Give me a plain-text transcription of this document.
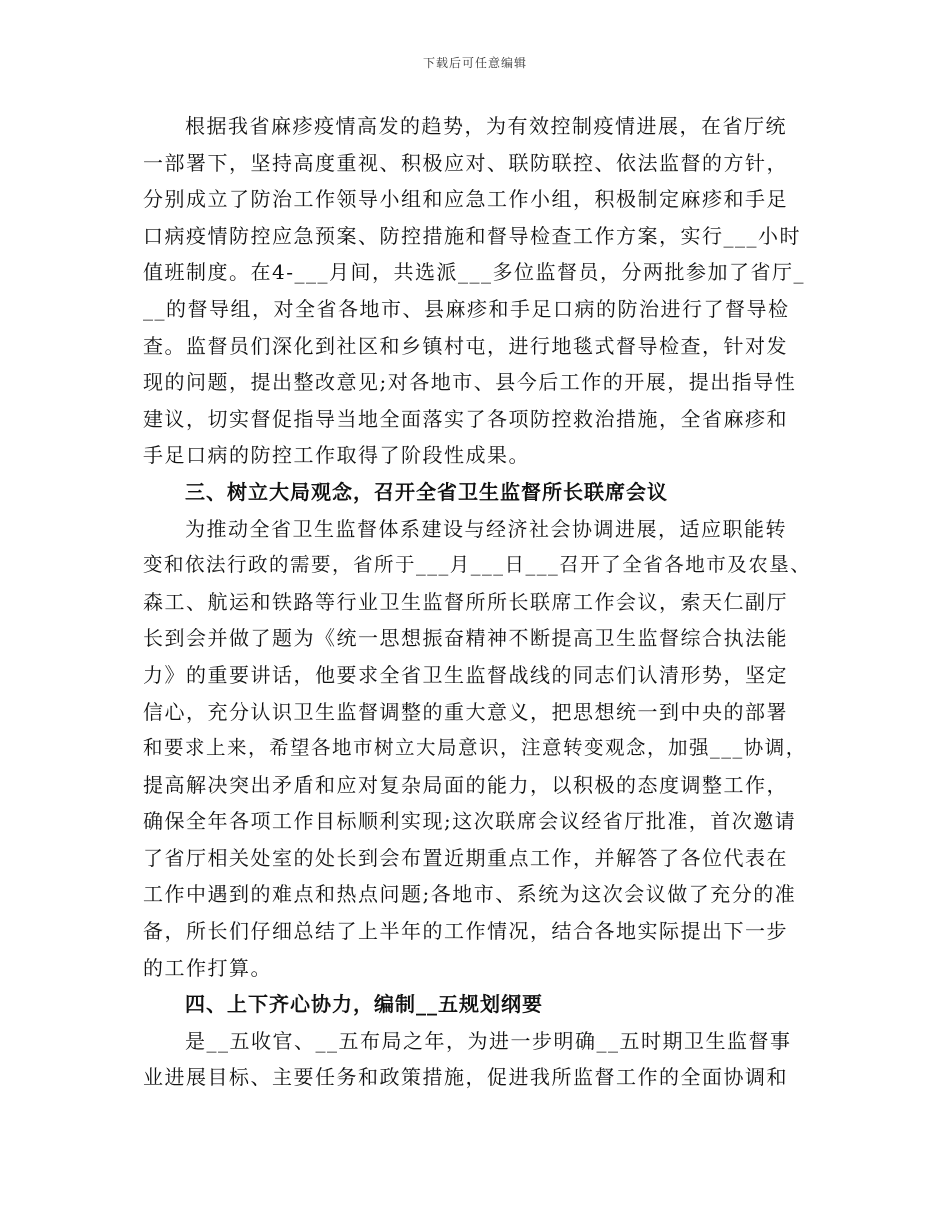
下载后可任意编辑
根据我省麻疹疫情高发的趋势，为有效控制疫情进展，在省厅统
一部署下，坚持高度重视、积极应对、联防联控、依法监督的方针，
分别成立了防治工作领导小组和应急工作小组，积极制定麻疹和手足
口病疫情防控应急预案、防控措施和督导检查工作方案，实行___小时
值班制度。在4-___月间，共选派___多位监督员，分两批参加了省厅_
__的督导组，对全省各地市、县麻疹和手足口病的防治进行了督导检
查。监督员们深化到社区和乡镇村屯，进行地毯式督导检查，针对发
现的问题，提出整改意见;对各地市、县今后工作的开展，提出指导性
建议，切实督促指导当地全面落实了各项防控救治措施，全省麻疹和
手足口病的防控工作取得了阶段性成果。
三、树立大局观念，召开全省卫生监督所长联席会议
为推动全省卫生监督体系建设与经济社会协调进展，适应职能转
变和依法行政的需要，省所于___月___日___召开了全省各地市及农垦、
森工、航运和铁路等行业卫生监督所所长联席工作会议，索天仁副厅
长到会并做了题为《统一思想振奋精神不断提高卫生监督综合执法能
力》的重要讲话，他要求全省卫生监督战线的同志们认清形势，坚定
信心，充分认识卫生监督调整的重大意义，把思想统一到中央的部署
和要求上来，希望各地市树立大局意识，注意转变观念，加强___协调，
提高解决突出矛盾和应对复杂局面的能力，以积极的态度调整工作，
确保全年各项工作目标顺利实现;这次联席会议经省厅批准，首次邀请
了省厅相关处室的处长到会布置近期重点工作，并解答了各位代表在
工作中遇到的难点和热点问题;各地市、系统为这次会议做了充分的准
备，所长们仔细总结了上半年的工作情况，结合各地实际提出下一步
的工作打算。
四、上下齐心协力，编制__五规划纲要
是__五收官、__五布局之年，为进一步明确__五时期卫生监督事
业进展目标、主要任务和政策措施，促进我所监督工作的全面协调和
